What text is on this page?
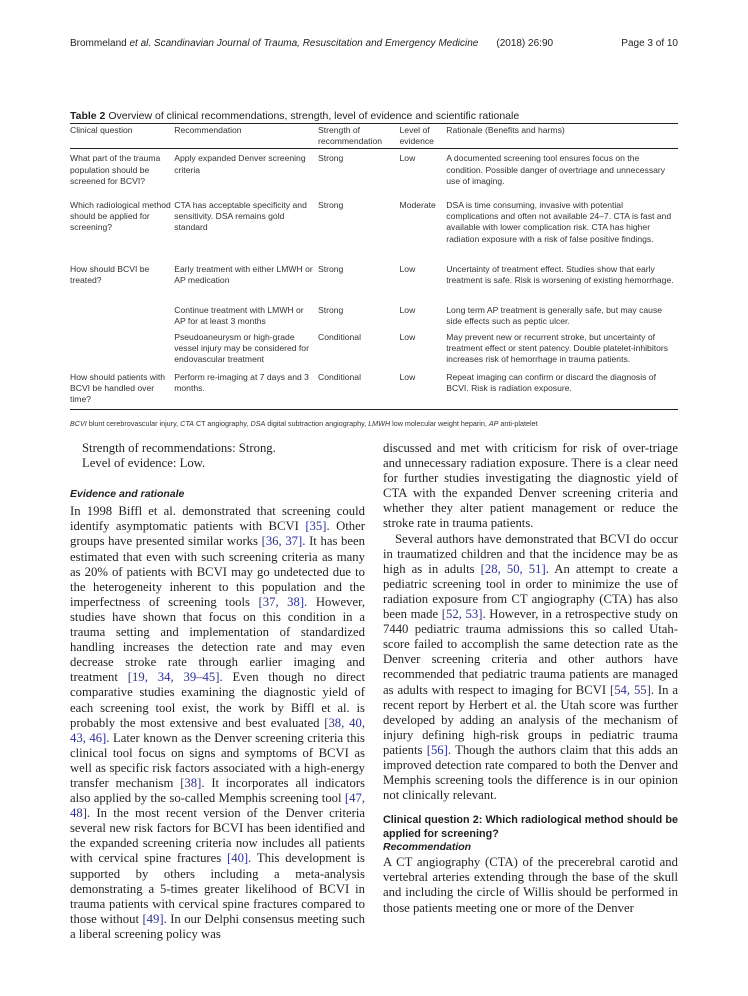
Brommeland et al. Scandinavian Journal of Trauma, Resuscitation and Emergency Medicine (2018) 26:90	Page 3 of 10
Table 2 Overview of clinical recommendations, strength, level of evidence and scientific rationale
Clinical question	Recommendation	Strength of recommendation	Level of evidence	Rationale (Benefits and harms)
What part of the trauma population should be screened for BCVI?	Apply expanded Denver screening criteria	Strong	Low	A documented screening tool ensures focus on the condition. Possible danger of overtriage and unnecessary use of imaging.
Which radiological method should be applied for screening?	CTA has acceptable specificity and sensitivity. DSA remains gold standard	Strong	Moderate	DSA is time consuming, invasive with potential complications and often not available 24–7. CTA is fast and available with lower complication risk. CTA has higher radiation exposure with a risk of false positive findings.
How should BCVI be treated?	Early treatment with either LMWH or AP medication	Strong	Low	Uncertainty of treatment effect. Studies show that early treatment is safe. Risk is worsening of existing hemorrhage.
	Continue treatment with LMWH or AP for at least 3 months	Strong	Low	Long term AP treatment is generally safe, but may cause side effects such as peptic ulcer.
	Pseudoaneurysm or high-grade vessel injury may be considered for endovascular treatment	Conditional	Low	May prevent new or recurrent stroke, but uncertainty of treatment effect or stent patency. Double platelet-inhibitors increases risk of hemorrhage in trauma patients.
How should patients with BCVI be handled over time?	Perform re-imaging at 7 days and 3 months.	Conditional	Low	Repeat imaging can confirm or discard the diagnosis of BCVI. Risk is radiation exposure.
BCVI blunt cerebrovascular injury, CTA CT angiography, DSA digital subtraction angiography, LMWH low molecular weight heparin, AP anti-platelet

Strength of recommendations: Strong.

Level of evidence: Low.

Evidence and rationale

In 1998 Biffl et al. demonstrated that screening could identify asymptomatic patients with BCVI [35]. Other groups have presented similar works [36, 37]. It has been estimated that even with such screening criteria as many as 20% of patients with BCVI may go undetected due to the heterogeneity inherent to this population and the imperfectness of screening tools [37, 38]. However, studies have shown that focus on this condition in a trauma setting and implementation of standardized handling increases the detection rate and may even decrease stroke rate through earlier imaging and treatment [19, 34, 39–45]. Even though no direct comparative studies examining the diagnostic yield of each screening tool exist, the work by Biffl et al. is probably the most extensive and best evaluated [38, 40, 43, 46]. Later known as the Denver screening criteria this clinical tool focus on signs and symptoms of BCVI as well as specific risk factors associated with a high-energy transfer mechanism [38]. It incorporates all indicators also applied by the so-called Memphis screening tool [47, 48]. In the most recent version of the Denver criteria several new risk factors for BCVI has been identified and the expanded screening criteria now includes all patients with cervical spine fractures [40]. This development is supported by others including a meta-analysis demonstrating a 5-times greater likelihood of BCVI in trauma patients with cervical spine fractures compared to those without [49]. In our Delphi consensus meeting such a liberal screening policy was

discussed and met with criticism for risk of over-triage and unnecessary radiation exposure. There is a clear need for further studies investigating the diagnostic yield of CTA with the expanded Denver screening criteria and whether they alter patient management or reduce the stroke rate in trauma patients.

Several authors have demonstrated that BCVI do occur in traumatized children and that the incidence may be as high as in adults [28, 50, 51]. An attempt to create a pediatric screening tool in order to minimize the use of radiation exposure from CT angiography (CTA) has also been made [52, 53]. However, in a retrospective study on 7440 pediatric trauma admissions this so called Utah-score failed to accomplish the same detection rate as the Denver screening criteria and other authors have recommended that pediatric trauma patients are managed as adults with respect to imaging for BCVI [54, 55]. In a recent report by Herbert et al. the Utah score was further developed by adding an analysis of the mechanism of injury defining high-risk groups in pediatric trauma patients [56]. Though the authors claim that this adds an improved detection rate compared to both the Denver and Memphis screening tools the difference is in our opinion not clinically relevant.

Clinical question 2: Which radiological method should be applied for screening?

Recommendation

A CT angiography (CTA) of the precerebral carotid and vertebral arteries extending through the base of the skull and including the circle of Willis should be performed in those patients meeting one or more of the Denver
